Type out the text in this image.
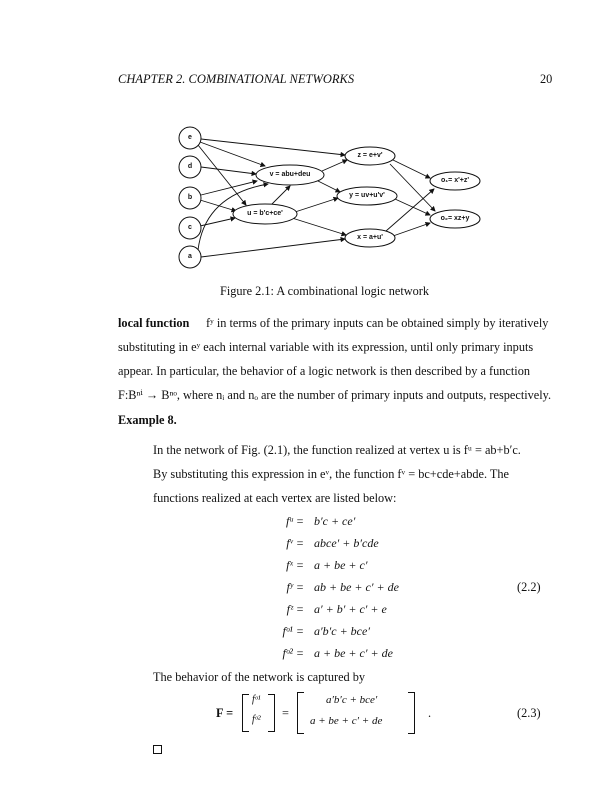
CHAPTER 2. COMBINATIONAL NETWORKS	20
e
d
b
c
a
v = abu+deu
u = b'c+ce'
z = e+v'
y = uv+u'v'
x = a+u'
o₁= x'+z'
o₂= xz+y
Figure 2.1: A combinational logic network
local function fʸ in terms of the primary inputs can be obtained simply by iteratively
substituting in eʸ each internal variable with its expression, until only primary inputs
appear. In particular, the behavior of a logic network is then described by a function
F:Bⁿⁱ → Bⁿᵒ, where nᵢ and nₒ are the number of primary inputs and outputs, respectively.
Example 8.
In the network of Fig. (2.1), the function realized at vertex u is fᵘ = ab+b′c.
By substituting this expression in eᵛ, the function fᵛ = bc+cde+abde. The
functions realized at each vertex are listed below:
fᵘ = b′c + ce′
fᵛ = abce′ + b′cde
fˣ = a + be + c′
fʸ = ab + be + c′ + de
fᶻ = a′ + b′ + c′ + e
fᵒ¹ = a′b′c + bce′
fᵒ² = a + be + c′ + de
(2.2)
The behavior of the network is captured by
F =
fᵒ¹
fᵒ² =
a′b′c + bce′
a + be + c′ + de
.	(2.3)
